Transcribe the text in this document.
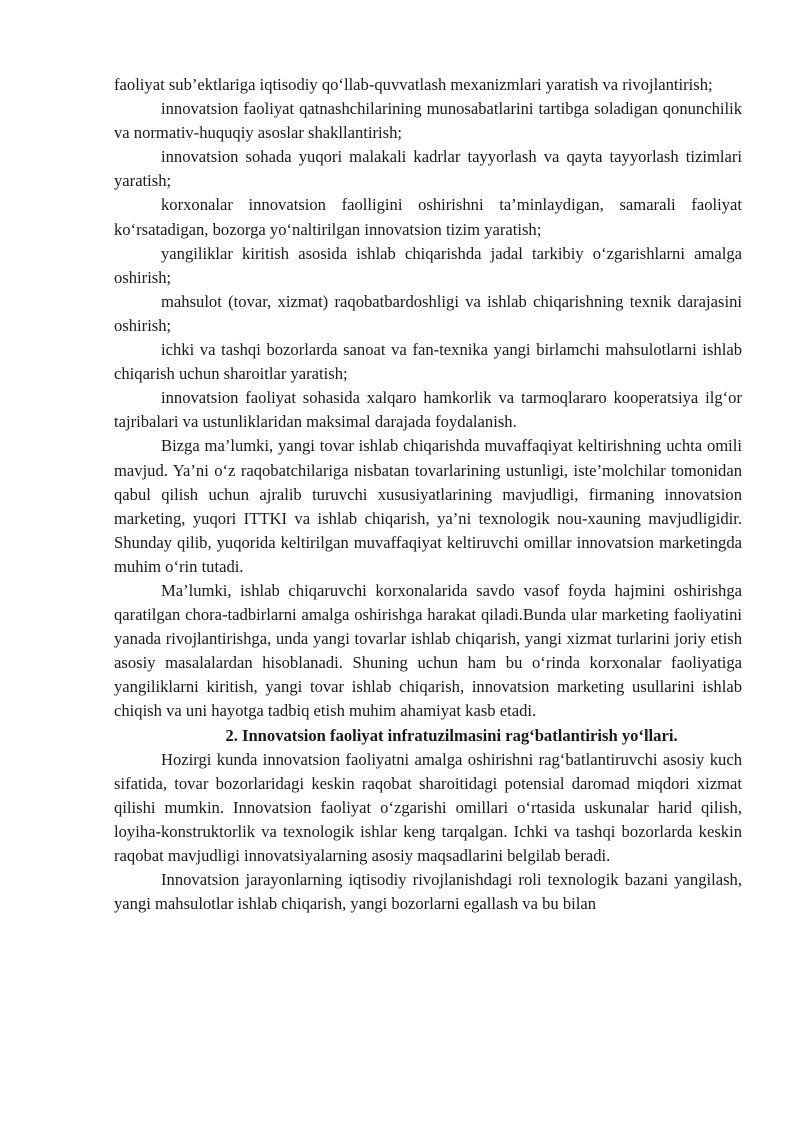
faoliyat sub’ektlariga iqtisodiy qo‘llab-quvvatlash mexanizmlari yaratish va rivojlantirish;

innovatsion faoliyat qatnashchilarining munosabatlarini tartibga soladigan qonunchilik va normativ-huquqiy asoslar shakllantirish;

innovatsion sohada yuqori malakali kadrlar tayyorlash va qayta tayyorlash tizimlari yaratish;

korxonalar innovatsion faolligini oshirishni ta’minlaydigan, samarali faoliyat ko‘rsatadigan, bozorga yo‘naltirilgan innovatsion tizim yaratish;

yangiliklar kiritish asosida ishlab chiqarishda jadal tarkibiy o‘zgarishlarni amalga oshirish;

mahsulot (tovar, xizmat) raqobatbardoshligi va ishlab chiqarishning texnik darajasini oshirish;

ichki va tashqi bozorlarda sanoat va fan-texnika yangi birlamchi mahsulotlarni ishlab chiqarish uchun sharoitlar yaratish;

innovatsion faoliyat sohasida xalqaro hamkorlik va tarmoqlararo kooperatsiya ilg‘or tajribalari va ustunliklaridan maksimal darajada foydalanish.

Bizga ma’lumki, yangi tovar ishlab chiqarishda muvaffaqiyat keltirishning uchta omili mavjud. Ya’ni o‘z raqobatchilariga nisbatan tovarlarining ustunligi, iste’molchilar tomonidan qabul qilish uchun ajralib turuvchi xususiyatlarining mavjudligi, firmaning innovatsion marketing, yuqori ITTKI va ishlab chiqarish, ya’ni texnologik nou-xauning mavjudligidir. Shunday qilib, yuqorida keltirilgan muvaffaqiyat keltiruvchi omillar innovatsion marketingda muhim o‘rin tutadi.

Ma’lumki, ishlab chiqaruvchi korxonalarida savdo vasof foyda hajmini oshirishga qaratilgan chora-tadbirlarni amalga oshirishga harakat qiladi.Bunda ular marketing faoliyatini yanada rivojlantirishga, unda yangi tovarlar ishlab chiqarish, yangi xizmat turlarini joriy etish asosiy masalalardan hisoblanadi. Shuning uchun ham bu o‘rinda korxonalar faoliyatiga yangiliklarni kiritish, yangi tovar ishlab chiqarish, innovatsion marketing usullarini ishlab chiqish va uni hayotga tadbiq etish muhim ahamiyat kasb etadi.

2. Innovatsion faoliyat infratuzilmasini rag‘batlantirish yo‘llari.

Hozirgi kunda innovatsion faoliyatni amalga oshirishni rag‘batlantiruvchi asosiy kuch sifatida, tovar bozorlaridagi keskin raqobat sharoitidagi potensial daromad miqdori xizmat qilishi mumkin. Innovatsion faoliyat o‘zgarishi omillari o‘rtasida uskunalar harid qilish, loyiha-konstruktorlik va texnologik ishlar keng tarqalgan. Ichki va tashqi bozorlarda keskin raqobat mavjudligi innovatsiyalarning asosiy maqsadlarini belgilab beradi.

Innovatsion jarayonlarning iqtisodiy rivojlanishdagi roli texnologik bazani yangilash, yangi mahsulotlar ishlab chiqarish, yangi bozorlarni egallash va bu bilan
